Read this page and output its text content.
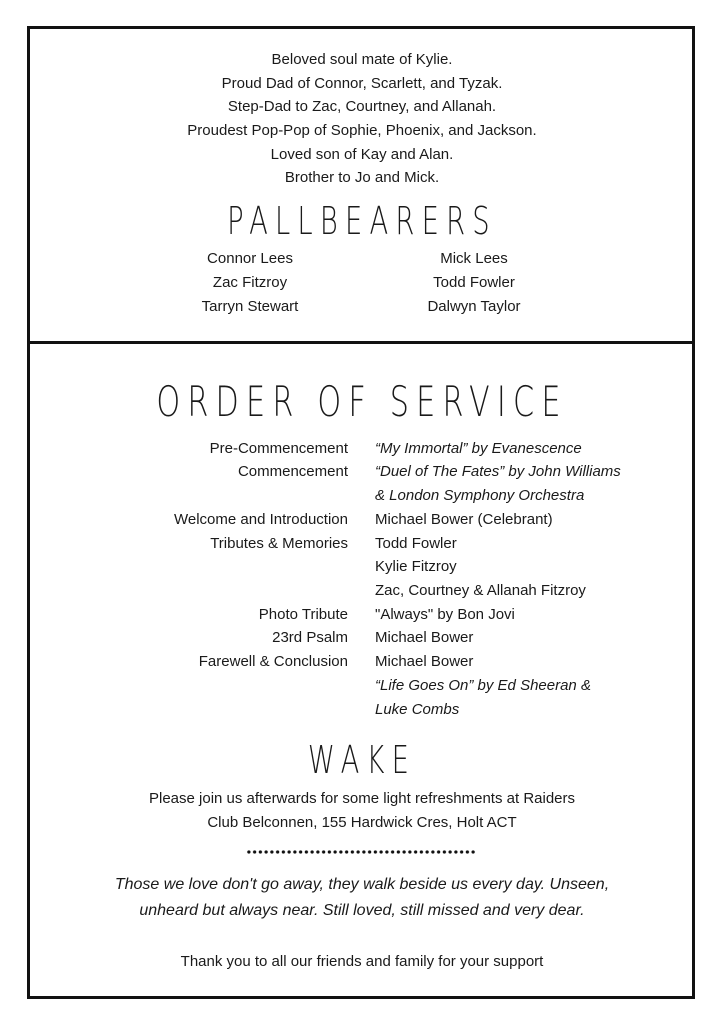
Beloved soul mate of Kylie.
Proud Dad of Connor, Scarlett, and Tyzak.
Step-Dad to Zac, Courtney, and Allanah.
Proudest Pop-Pop of Sophie, Phoenix, and Jackson.
Loved son of Kay and Alan.
Brother to Jo and Mick.
PALLBEARERS
Connor Lees
Zac Fitzroy
Tarryn Stewart
Mick Lees
Todd Fowler
Dalwyn Taylor
ORDER OF SERVICE
Pre-Commencement “My Immortal” by Evanescence
Commencement “Duel of The Fates” by John Williams
& London Symphony Orchestra
Welcome and Introduction Michael Bower (Celebrant)
Tributes & Memories Todd Fowler
Kylie Fitzroy
Zac, Courtney & Allanah Fitzroy
Photo Tribute "Always" by Bon Jovi
23rd Psalm Michael Bower
Farewell & Conclusion Michael Bower
“Life Goes On” by Ed Sheeran &
Luke Combs
WAKE
Please join us afterwards for some light refreshments at Raiders
Club Belconnen, 155 Hardwick Cres, Holt ACT
Those we love don't go away, they walk beside us every day. Unseen,
unheard but always near. Still loved, still missed and very dear.
Thank you to all our friends and family for your support
